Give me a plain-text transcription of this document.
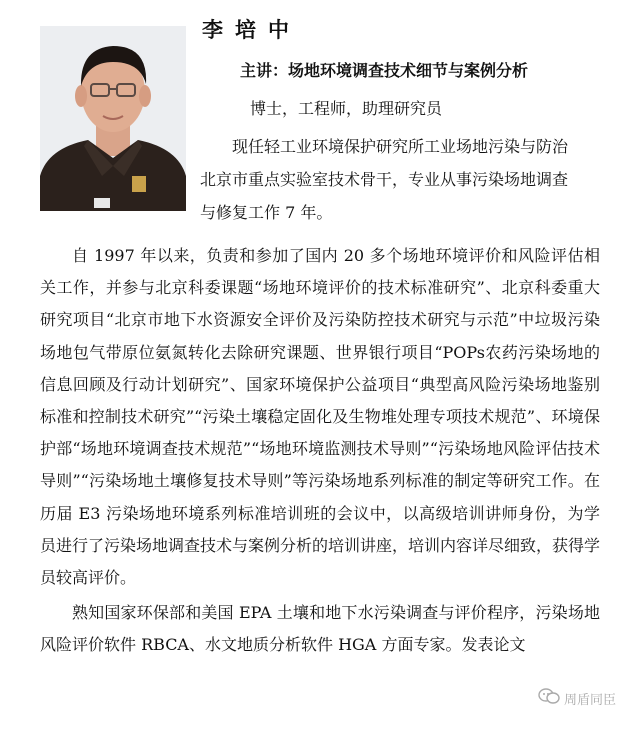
李培中
主讲：场地环境调查技术细节与案例分析
博士，工程师，助理研究员
现任轻工业环境保护研究所工业场地污染与防治
北京市重点实验室技术骨干，专业从事污染场地调查
与修复工作 7 年。

自 1997 年以来，负责和参加了国内 20 多个场地环境评价和风险评估相关工作，并参与北京科委课题“场地环境评价的技术标准研究”、北京科委重大研究项目“北京市地下水资源安全评价及污染防控技术研究与示范”中垃圾污染场地包气带原位氨氮转化去除研究课题、世界银行项目“POPs农药污染场地的信息回顾及行动计划研究”、国家环境保护公益项目“典型高风险污染场地鉴别标准和控制技术研究”“污染土壤稳定固化及生物堆处理专项技术规范”、环境保护部“场地环境调查技术规范”“场地环境监测技术导则”“污染场地风险评估技术导则”“污染场地土壤修复技术导则”等污染场地系列标准的制定等研究工作。在历届 E3 污染场地环境系列标准培训班的会议中，以高级培训讲师身份，为学员进行了污染场地调查技术与案例分析的培训讲座，培训内容详尽细致，获得学员较高评价。

熟知国家环保部和美国 EPA 土壤和地下水污染调查与评价程序，污染场地风险评价软件 RBCA、水文地质分析软件 HGA 方面专家。发表论文

周盾同臣
